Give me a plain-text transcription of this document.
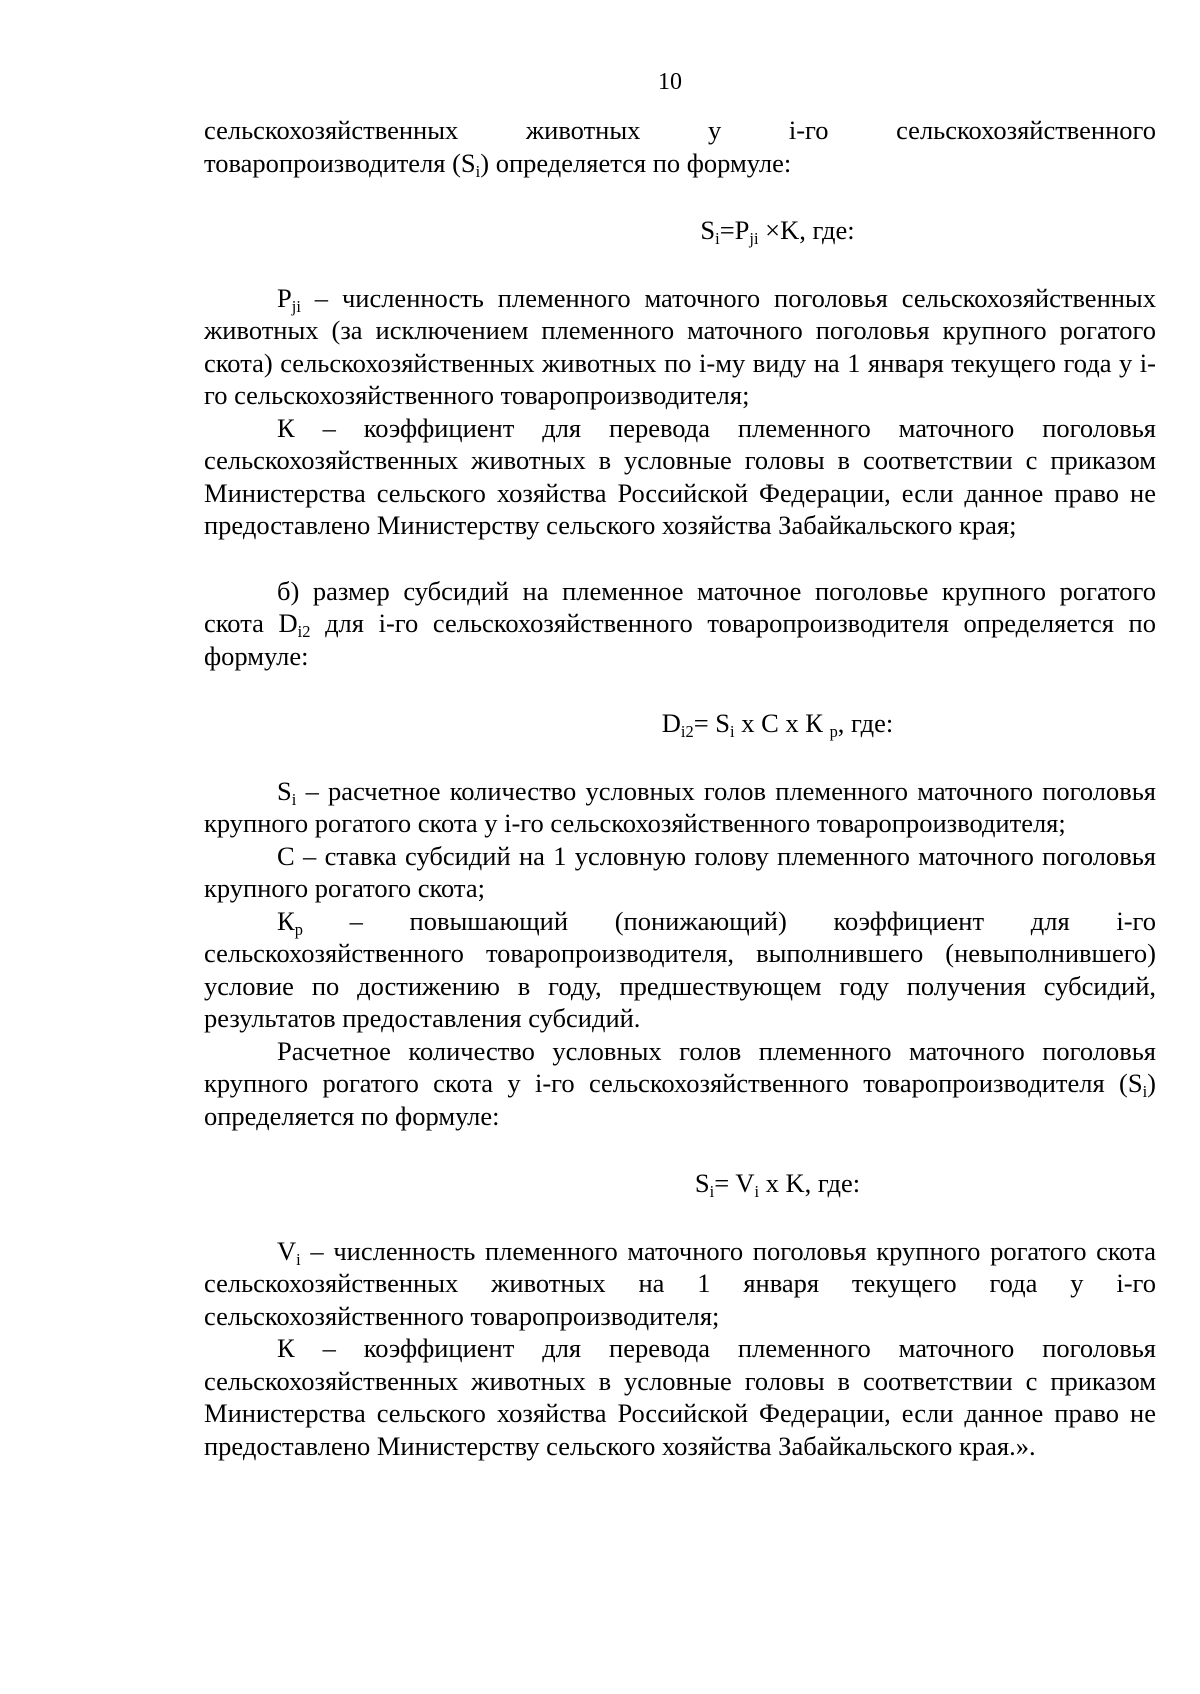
10

сельскохозяйственных животных у i-го сельскохозяйственного товаропроизводителя $(S_i)$ определяется по формуле:

$S_i=P_{ji} \times K$, где:

$P_{ji}$ – численность племенного маточного поголовья сельскохозяйственных животных (за исключением племенного маточного поголовья крупного рогатого скота) сельскохозяйственных животных по i-му виду на 1 января текущего года у i-го сельскохозяйственного товаропроизводителя;

К – коэффициент для перевода племенного маточного поголовья сельскохозяйственных животных в условные головы в соответствии с приказом Министерства сельского хозяйства Российской Федерации, если данное право не предоставлено Министерству сельского хозяйства Забайкальского края;

б) размер субсидий на племенное маточное поголовье крупного рогатого скота $D_{i2}$ для i-го сельскохозяйственного товаропроизводителя определяется по формуле:

$D_{i2}= S_i$ х С х К $_р$, где:

$S_i$ – расчетное количество условных голов племенного маточного поголовья крупного рогатого скота у i-го сельскохозяйственного товаропроизводителя;

С – ставка субсидий на 1 условную голову племенного маточного поголовья крупного рогатого скота;

$К_р$ – повышающий (понижающий) коэффициент для i-го сельскохозяйственного товаропроизводителя, выполнившего (невыполнившего) условие по достижению в году, предшествующем году получения субсидий, результатов предоставления субсидий.

Расчетное количество условных голов племенного маточного поголовья крупного рогатого скота у i-го сельскохозяйственного товаропроизводителя $(S_i)$ определяется по формуле:

$S_i= V_i$ х K, где:

$V_i$ – численность племенного маточного поголовья крупного рогатого скота сельскохозяйственных животных на 1 января текущего года у i-го сельскохозяйственного товаропроизводителя;

К – коэффициент для перевода племенного маточного поголовья сельскохозяйственных животных в условные головы в соответствии с приказом Министерства сельского хозяйства Российской Федерации, если данное право не предоставлено Министерству сельского хозяйства Забайкальского края.».
